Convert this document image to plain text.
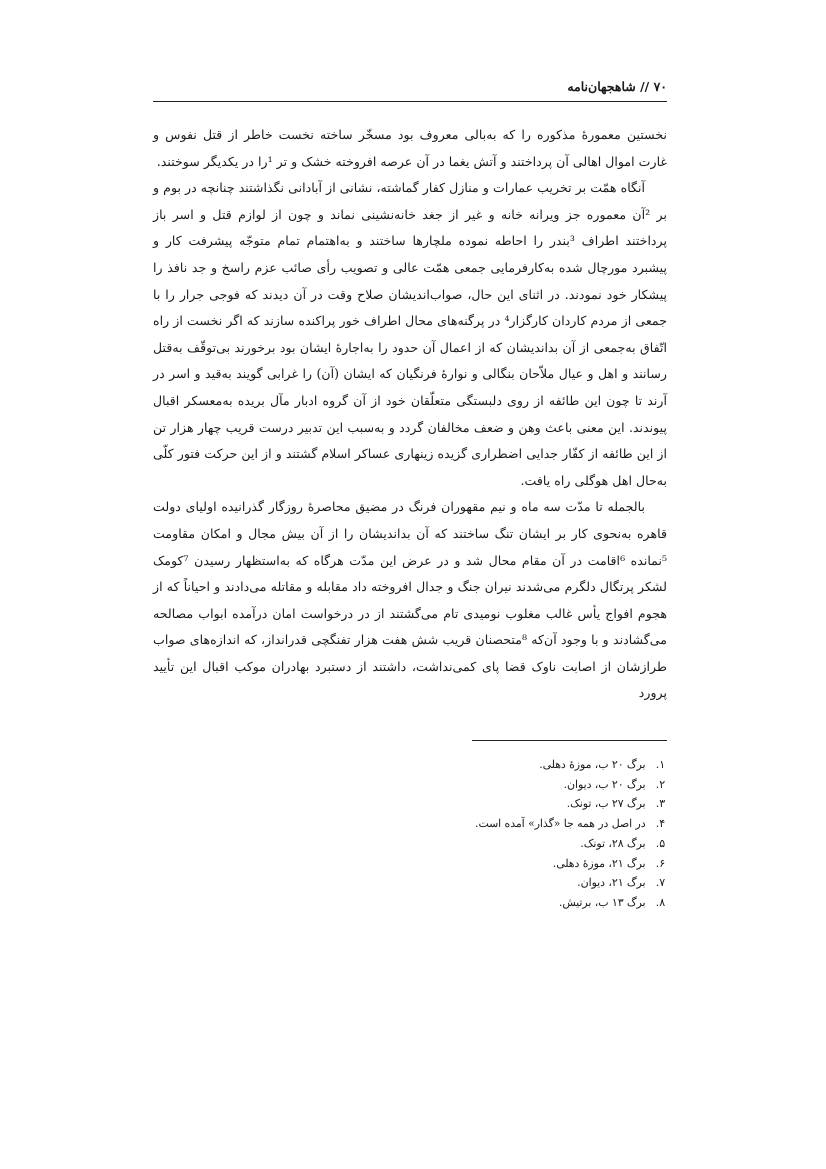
۷۰ // شاهجهان‌نامه

نخستین معمورهٔ مذکوره را که به‌بالی معروف بود مسخّر ساخته نخست خاطر از قتل نفوس و غارت اموال اهالی آن پرداختند و آتش یغما در آن عرصه افروخته خشک و تر ¹را در یکدیگر سوختند.

آنگاه همّت بر تخریب عمارات و منازل کفار گماشته، نشانی از آبادانی نگذاشتند چنانچه در بوم و بر ²آن معموره جز ویرانه خانه و غیر از جغد خانه‌نشینی نماند و چون از لوازم قتل و اسر باز پرداختند اطراف ³بندر را احاطه نموده ملچارها ساختند و به‌اهتمام تمام متوجّه پیشرفت کار و پیشبرد مورچال شده به‌کارفرمایی جمعی همّت عالی و تصویب رأی صائب عزم راسخ و جد نافذ را پیشکار خود نمودند. در اثنای این حال، صواب‌اندیشان صلاح وقت در آن دیدند که فوجی جرار را با جمعی از مردم کاردان کارگزار⁴ در پرگنه‌های محال اطراف خور پراکنده سازند که اگر نخست از راه اتّفاق به‌جمعی از آن بداندیشان که از اعمال آن حدود را به‌اجارهٔ ایشان بود برخورند بی‌توقّف به‌قتل رسانند و اهل و عیال ملاّحان بنگالی و نوارهٔ فرنگیان که ایشان (آن) را غرابی گویند به‌قید و اسر در آرند تا چون این طائفه از روی دلبستگی متعلّقان خود از آن گروه ادبار مآل بریده به‌معسکر اقبال پیوندند. این معنی باعث وهن و ضعف مخالفان گردد و به‌سبب این تدبیر درست قریب چهار هزار تن از این طائفه از کفّار جدایی اضطراری گزیده زینهاری عساکر اسلام گشتند و از این حرکت فتور کلّی به‌حال اهل هوگلی راه یافت.

بالجمله تا مدّت سه ماه و نیم مقهوران فرنگ در مضیق محاصرهٔ روزگار گذرانیده اولیای دولت قاهره به‌نحوی کار بر ایشان تنگ ساختند که آن بداندیشان را از آن بیش مجال و امکان مقاومت ⁵نمانده ⁶اقامت در آن مقام محال شد و در عرض این مدّت هرگاه که به‌استظهار رسیدن ⁷کومک لشکر پرتگال دلگرم می‌شدند نیران جنگ و جدال افروخته داد مقابله و مقاتله می‌دادند و احیاناً که از هجوم افواج یأس غالب مغلوب نومیدی تام می‌گشتند از در درخواست امان درآمده ابواب مصالحه می‌گشادند و با وجود آن‌که ⁸متحصنان قریب شش هفت هزار تفنگچی قدرانداز، که اندازه‌های صواب طرازشان از اصابت ناوک قضا پای کمی‌نداشت، داشتند از دستبرد بهادران موکب اقبال این تأیید پرورد

۱. برگ ۲۰ ب، موزهٔ دهلی.
۲. برگ ۲۰ ب، دیوان.
۳. برگ ۲۷ ب، تونک.
۴. در اصل در همه جا «گذار» آمده است.
۵. برگ ۲۸، تونک.
۶. برگ ۲۱، موزهٔ دهلی.
۷. برگ ۲۱، دیوان.
۸. برگ ۱۳ ب، برتیش.
